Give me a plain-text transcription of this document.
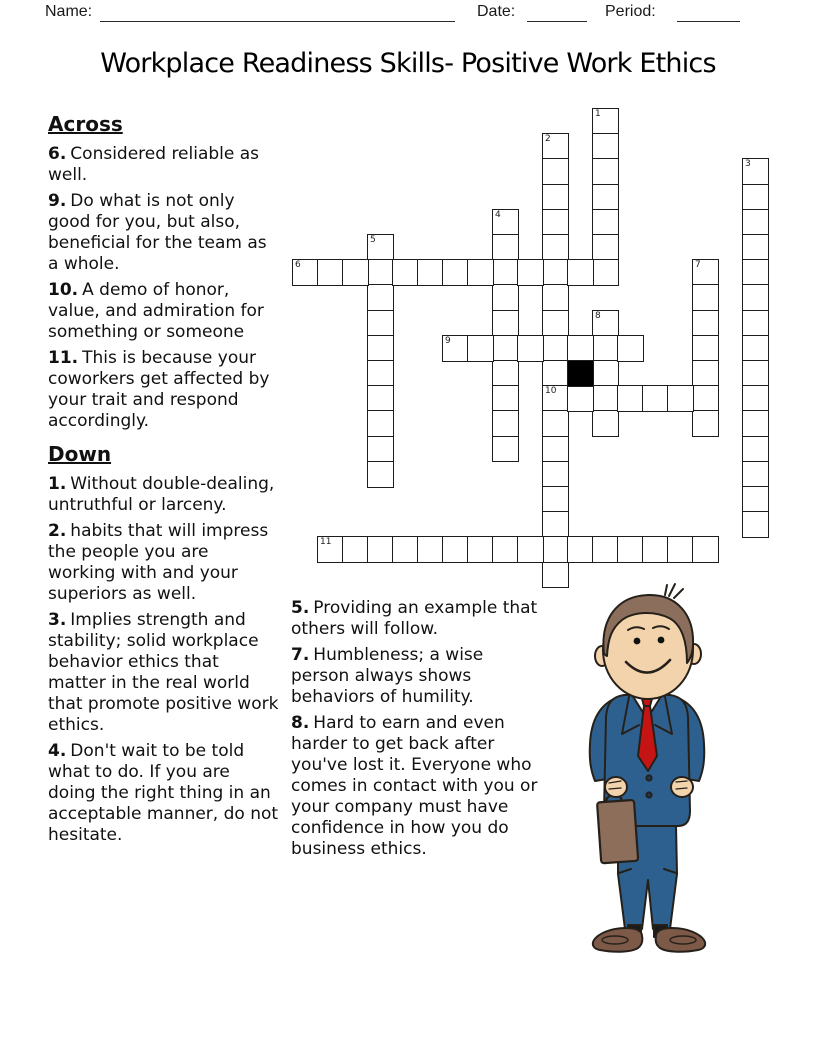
Name:	Date:	Period:
Workplace Readiness Skills- Positive Work Ethics
1
2
10
3
4
5
6	7
8
9
11
Across

6. Considered reliable as well.

9. Do what is not only good for you, but also, beneficial for the team as a whole.

10. A demo of honor, value, and admiration for something or someone

11. This is because your coworkers get affected by your trait and respond accordingly.

Down

1. Without double-dealing, untruthful or larceny.

2. habits that will impress the people you are working with and your superiors as well.

3. Implies strength and stability; solid workplace behavior ethics that matter in the real world that promote positive work ethics.

4. Don't wait to be told what to do. If you are doing the right thing in an acceptable manner, do not hesitate.

5. Providing an example that others will follow.

7. Humbleness; a wise person always shows behaviors of humility.

8. Hard to earn and even harder to get back after you've lost it. Everyone who comes in contact with you or your company must have confidence in how you do business ethics.
